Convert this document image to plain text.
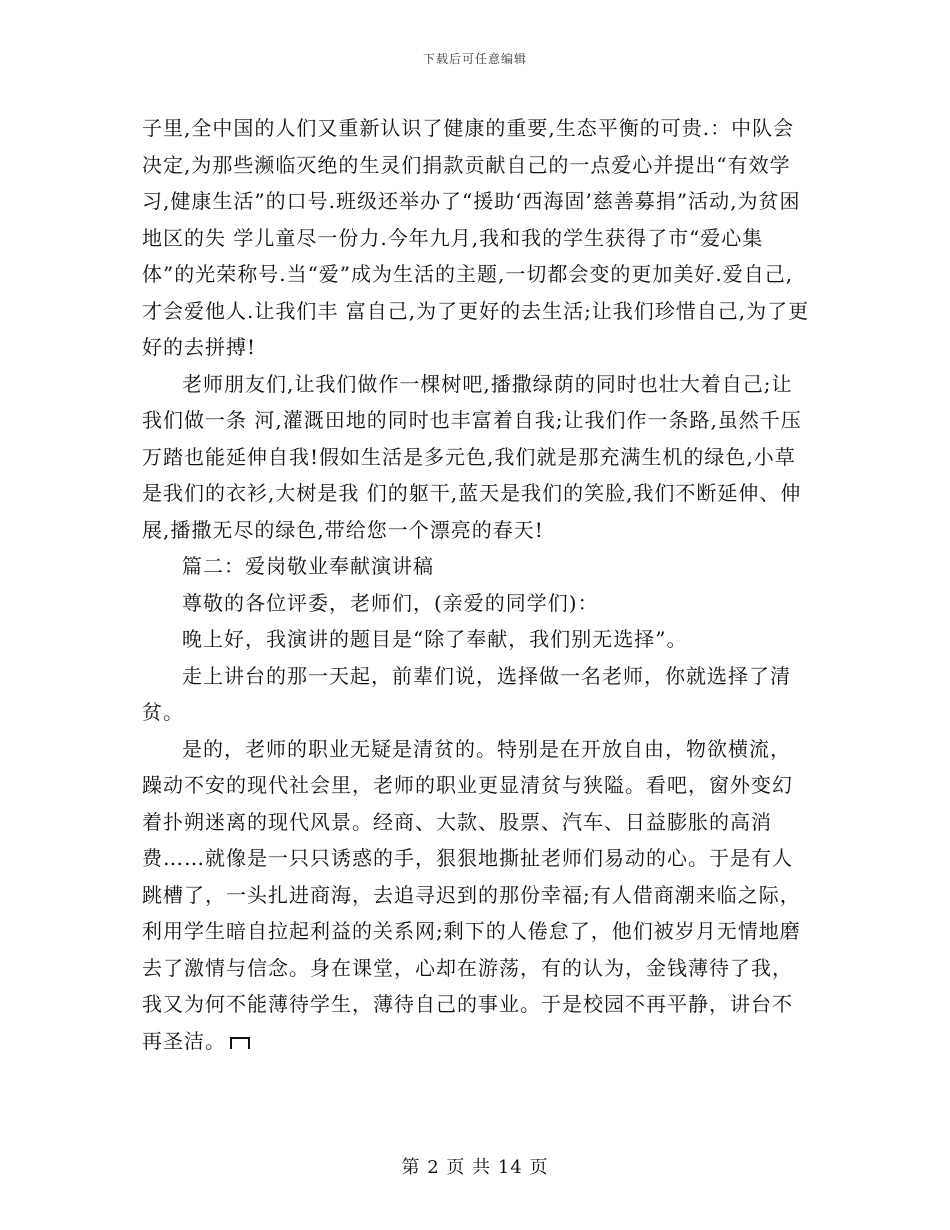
下载后可任意编辑

子里,全中国的人们又重新认识了健康的重要,生态平衡的可贵.：中队会 决定,为那些濒临灭绝的生灵们捐款贡献自己的一点爱心并提出“有效学习,健康生活”的口号.班级还举办了“援助‘西海固’慈善募捐”活动,为贫困地区的失 学儿童尽一份力.今年九月,我和我的学生获得了市“爱心集体”的光荣称号.当“爱”成为生活的主题,一切都会变的更加美好.爱自己,才会爱他人.让我们丰 富自己,为了更好的去生活;让我们珍惜自己,为了更好的去拼搏!

老师朋友们,让我们做作一棵树吧,播撒绿荫的同时也壮大着自己;让我们做一条 河,灌溉田地的同时也丰富着自我;让我们作一条路,虽然千压万踏也能延伸自我!假如生活是多元色,我们就是那充满生机的绿色,小草是我们的衣衫,大树是我 们的躯干,蓝天是我们的笑脸,我们不断延伸、伸展,播撒无尽的绿色,带给您一个漂亮的春天!

篇二：爱岗敬业奉献演讲稿

尊敬的各位评委，老师们，(亲爱的同学们)：

晚上好，我演讲的题目是“除了奉献，我们别无选择”。

走上讲台的那一天起，前辈们说，选择做一名老师，你就选择了清贫。

是的，老师的职业无疑是清贫的。特别是在开放自由，物欲横流，躁动不安的现代社会里，老师的职业更显清贫与狭隘。看吧，窗外变幻着扑朔迷离的现代风景。经商、大款、股票、汽车、日益膨胀的高消费……就像是一只只诱惑的手，狠狠地撕扯老师们易动的心。于是有人跳槽了，一头扎进商海，去追寻迟到的那份幸福;有人借商潮来临之际，利用学生暗自拉起利益的关系网;剩下的人倦怠了，他们被岁月无情地磨去了激情与信念。身在课堂，心却在游荡，有的认为，金钱薄待了我，我又为何不能薄待学生，薄待自己的事业。于是校园不再平静，讲台不再圣洁。

第 2 页 共 14 页
